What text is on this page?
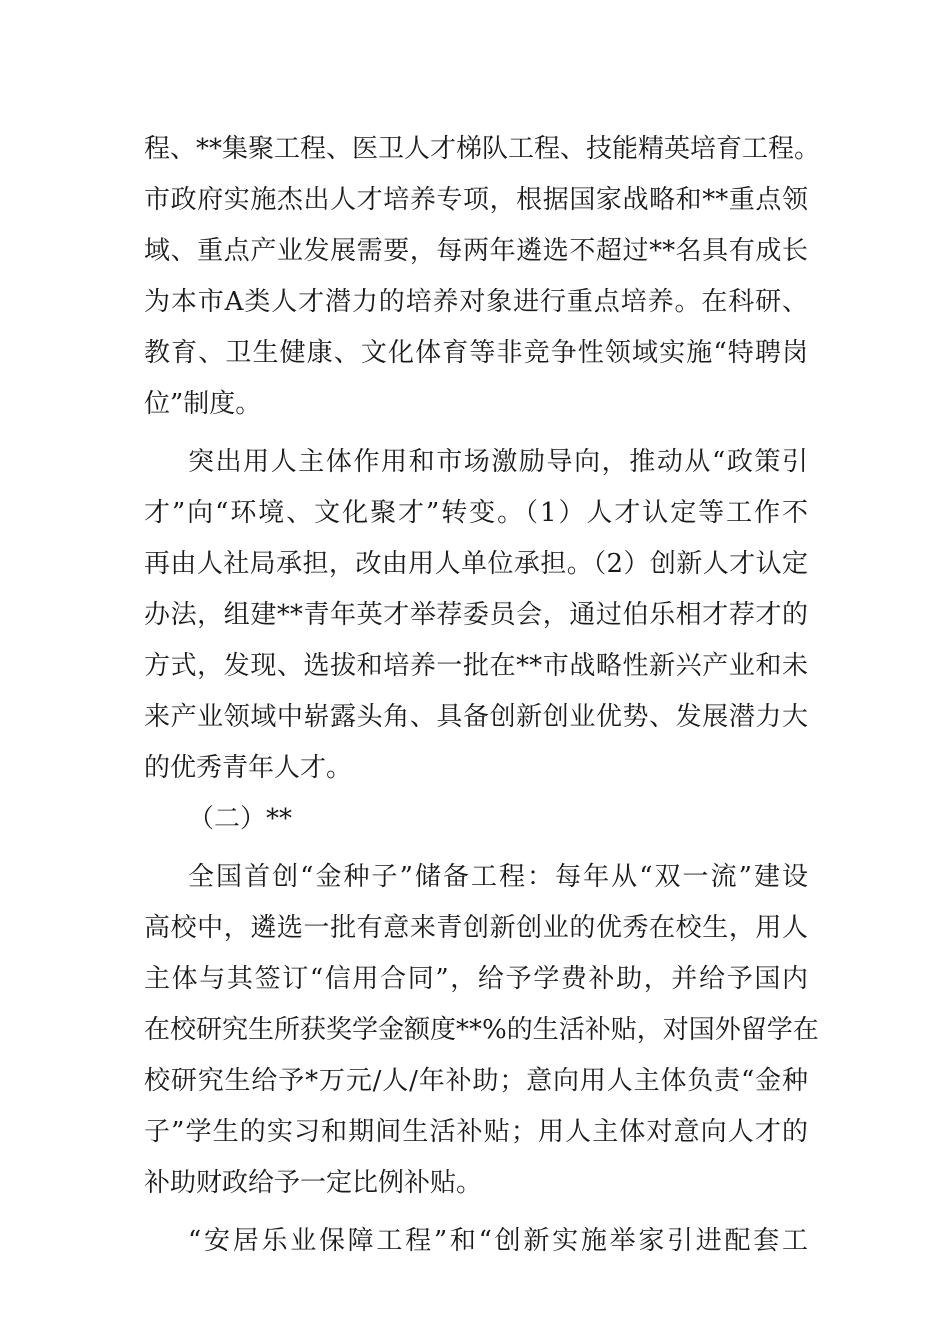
程、**集聚工程、医卫人才梯队工程、技能精英培育工程。
市政府实施杰出人才培养专项，根据国家战略和**重点领
域、重点产业发展需要，每两年遴选不超过**名具有成长
为本市A类人才潜力的培养对象进行重点培养。在科研、
教育、卫生健康、文化体育等非竞争性领域实施“特聘岗
位”制度。
突出用人主体作用和市场激励导向，推动从“政策引
才”向“环境、文化聚才”转变。（1）人才认定等工作不
再由人社局承担，改由用人单位承担。（2）创新人才认定
办法，组建**青年英才举荐委员会，通过伯乐相才荐才的
方式，发现、选拔和培养一批在**市战略性新兴产业和未
来产业领域中崭露头角、具备创新创业优势、发展潜力大
的优秀青年人才。
（二）**
全国首创“金种子”储备工程：每年从“双一流”建设
高校中，遴选一批有意来青创新创业的优秀在校生，用人
主体与其签订“信用合同”，给予学费补助，并给予国内
在校研究生所获奖学金额度**%的生活补贴，对国外留学在
校研究生给予*万元/人/年补助；意向用人主体负责“金种
子”学生的实习和期间生活补贴；用人主体对意向人才的
补助财政给予一定比例补贴。
“安居乐业保障工程”和“创新实施举家引进配套工
